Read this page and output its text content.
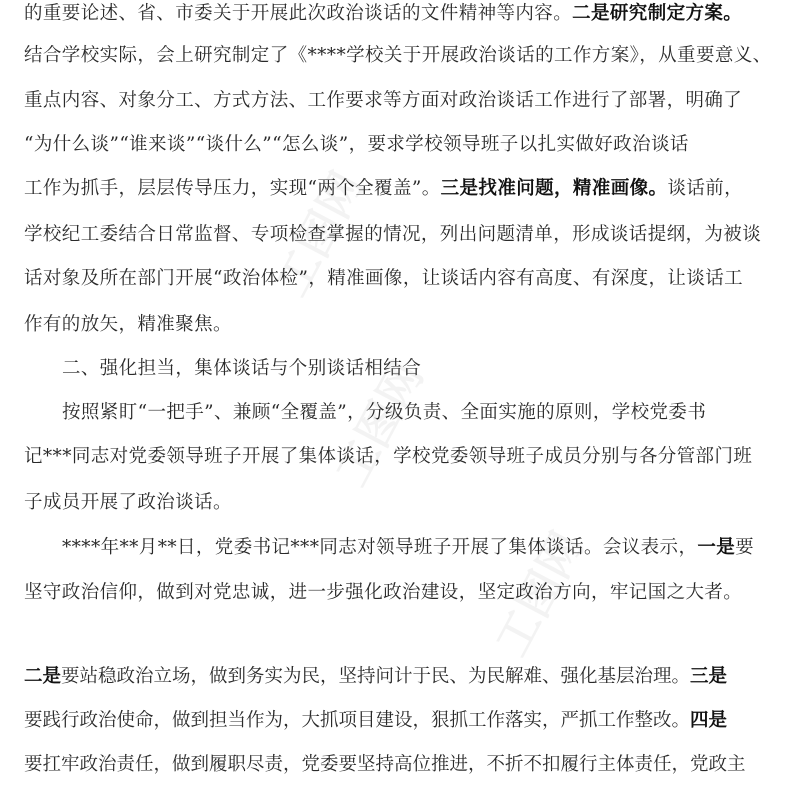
的重要论述、省、市委关于开展此次政治谈话的文件精神等内容。二是研究制定方案。
结合学校实际，会上研究制定了《****学校关于开展政治谈话的工作方案》，从重要意义、
重点内容、对象分工、方式方法、工作要求等方面对政治谈话工作进行了部署，明确了
“为什么谈”“谁来谈”“谈什么”“怎么谈”，要求学校领导班子以扎实做好政治谈话
工作为抓手，层层传导压力，实现“两个全覆盖”。三是找准问题，精准画像。谈话前，
学校纪工委结合日常监督、专项检查掌握的情况，列出问题清单，形成谈话提纲，为被谈
话对象及所在部门开展“政治体检”，精准画像，让谈话内容有高度、有深度，让谈话工
作有的放矢，精准聚焦。
二、强化担当，集体谈话与个别谈话相结合
按照紧盯“一把手”、兼顾“全覆盖”，分级负责、全面实施的原则，学校党委书
记***同志对党委领导班子开展了集体谈话，学校党委领导班子成员分别与各分管部门班
子成员开展了政治谈话。
****年**月**日，党委书记***同志对领导班子开展了集体谈话。会议表示，一是要
坚守政治信仰，做到对党忠诚，进一步强化政治建设，坚定政治方向，牢记国之大者。
二是要站稳政治立场，做到务实为民，坚持问计于民、为民解难、强化基层治理。三是
要践行政治使命，做到担当作为，大抓项目建设，狠抓工作落实，严抓工作整改。四是
要扛牢政治责任，做到履职尽责，党委要坚持高位推进，不折不扣履行主体责任，党政主
